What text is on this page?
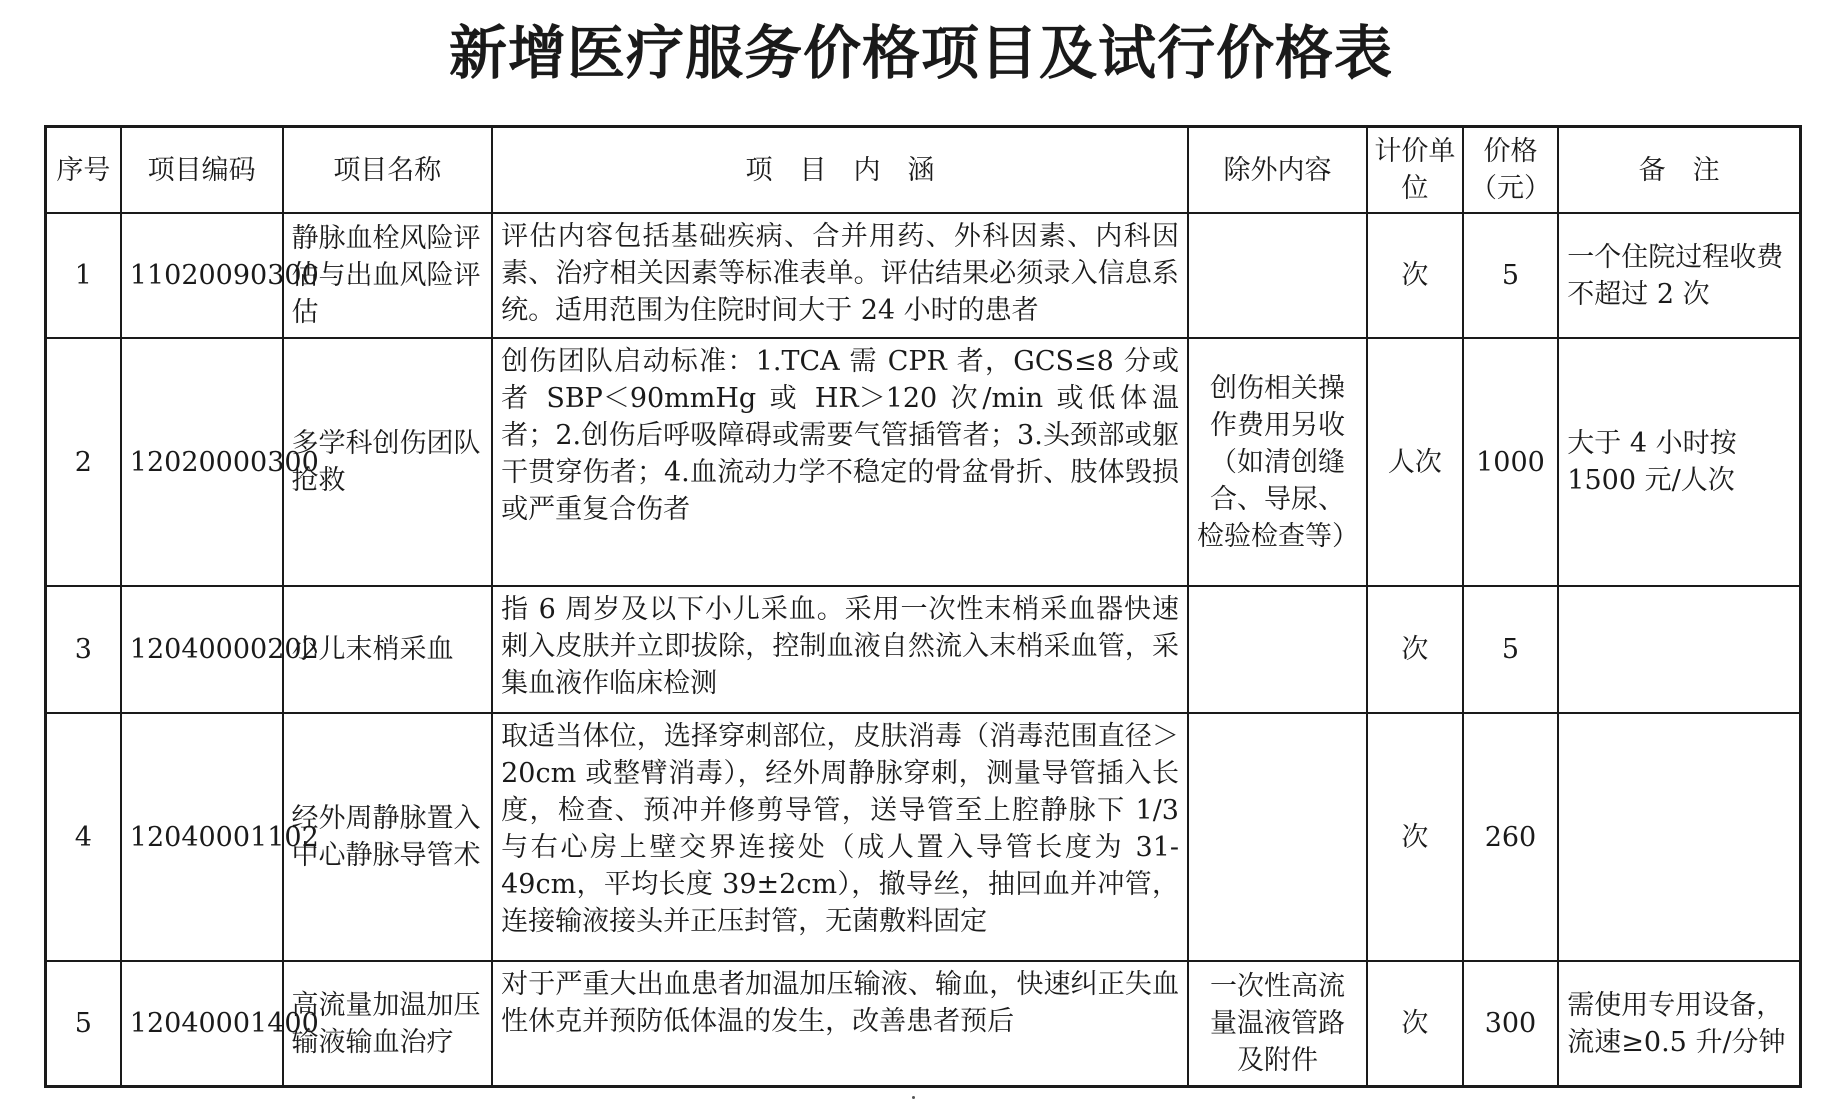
新增医疗服务价格项目及试行价格表
序号	项目编码	项目名称	项　目　内　涵	除外内容	计价单位	价格（元）	备　注
1	11020090300	静脉血栓风险评估与出血风险评估	评估内容包括基础疾病、合并用药、外科因素、内科因素、治疗相关因素等标准表单。评估结果必须录入信息系统。适用范围为住院时间大于 24 小时的患者		次	5	一个住院过程收费不超过 2 次
2	12020000300	多学科创伤团队抢救	创伤团队启动标准：1.TCA 需 CPR 者，GCS≤8 分或者 SBP＜90mmHg 或 HR＞120 次/min 或低体温者；2.创伤后呼吸障碍或需要气管插管者；3.头颈部或躯干贯穿伤者；4.血流动力学不稳定的骨盆骨折、肢体毁损或严重复合伤者	创伤相关操作费用另收（如清创缝合、导尿、检验检查等）	人次	1000	大于 4 小时按 1500 元/人次
3	12040000202	小儿末梢采血	指 6 周岁及以下小儿采血。采用一次性末梢采血器快速刺入皮肤并立即拔除，控制血液自然流入末梢采血管，采集血液作临床检测		次	5	
4	12040001102	经外周静脉置入中心静脉导管术	取适当体位，选择穿刺部位，皮肤消毒（消毒范围直径＞20cm 或整臂消毒），经外周静脉穿刺，测量导管插入长度，检查、预冲并修剪导管，送导管至上腔静脉下 1/3 与右心房上壁交界连接处（成人置入导管长度为 31-49cm，平均长度 39±2cm），撤导丝，抽回血并冲管，连接输液接头并正压封管，无菌敷料固定		次	260	
5	12040001400	高流量加温加压输液输血治疗	对于严重大出血患者加温加压输液、输血，快速纠正失血性休克并预防低体温的发生，改善患者预后	一次性高流量温液管路及附件	次	300	需使用专用设备，流速≥0.5 升/分钟
